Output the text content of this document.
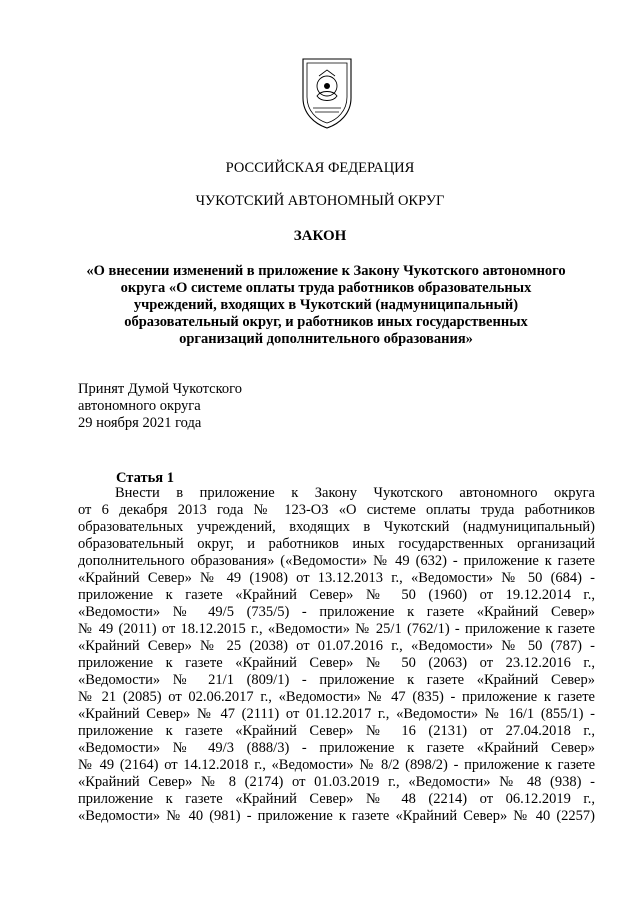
РОССИЙСКАЯ ФЕДЕРАЦИЯ
ЧУКОТСКИЙ АВТОНОМНЫЙ ОКРУГ
ЗАКОН
«О внесении изменений в приложение к Закону Чукотского автономного
округа «О системе оплаты труда работников образовательных
учреждений, входящих в Чукотский (надмуниципальный)
образовательный округ, и работников иных государственных
организаций дополнительного образования»
Принят Думой Чукотского
автономного округа
29 ноября 2021 года
Статья 1
Внести в приложение к Закону Чукотского автономного округа
от 6 декабря 2013 года № 123-ОЗ «О системе оплаты труда работников
образовательных учреждений, входящих в Чукотский (надмуниципальный)
образовательный округ, и работников иных государственных организаций
дополнительного образования» («Ведомости» № 49 (632) - приложение к газете
«Крайний Север» № 49 (1908) от 13.12.2013 г., «Ведомости» № 50 (684) -
приложение к газете «Крайний Север» № 50 (1960) от 19.12.2014 г.,
«Ведомости» № 49/5 (735/5) - приложение к газете «Крайний Север»
№ 49 (2011) от 18.12.2015 г., «Ведомости» № 25/1 (762/1) - приложение к газете
«Крайний Север» № 25 (2038) от 01.07.2016 г., «Ведомости» № 50 (787) -
приложение к газете «Крайний Север» № 50 (2063) от 23.12.2016 г.,
«Ведомости» № 21/1 (809/1) - приложение к газете «Крайний Север»
№ 21 (2085) от 02.06.2017 г., «Ведомости» № 47 (835) - приложение к газете
«Крайний Север» № 47 (2111) от 01.12.2017 г., «Ведомости» № 16/1 (855/1) -
приложение к газете «Крайний Север» № 16 (2131) от 27.04.2018 г.,
«Ведомости» № 49/3 (888/3) - приложение к газете «Крайний Север»
№ 49 (2164) от 14.12.2018 г., «Ведомости» № 8/2 (898/2) - приложение к газете
«Крайний Север» № 8 (2174) от 01.03.2019 г., «Ведомости» № 48 (938) -
приложение к газете «Крайний Север» № 48 (2214) от 06.12.2019 г.,
«Ведомости» № 40 (981) - приложение к газете «Крайний Север» № 40 (2257)
